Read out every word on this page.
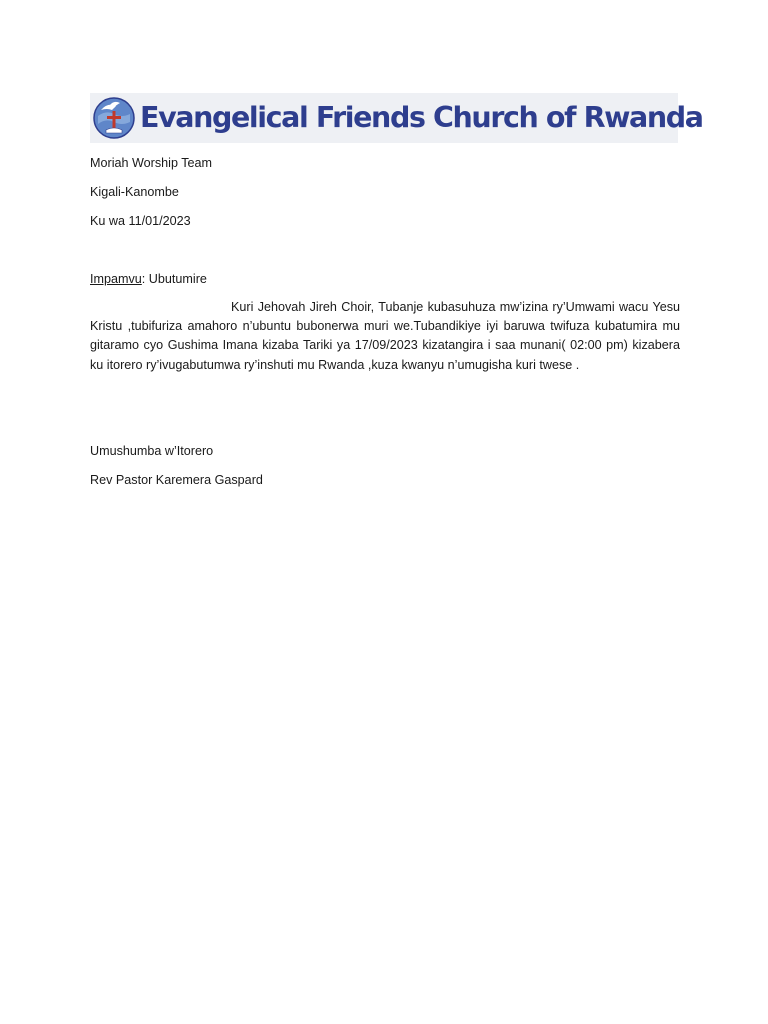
Evangelical Friends Church of Rwanda
Moriah Worship Team
Kigali-Kanombe
Ku wa 11/01/2023
Impamvu: Ubutumire
Kuri Jehovah Jireh Choir, Tubanje kubasuhuza mw’izina ry’Umwami wacu Yesu Kristu ,tubifuriza amahoro n’ubuntu bubonerwa muri we.Tubandikiye iyi baruwa twifuza kubatumira mu gitaramo cyo Gushima Imana kizaba Tariki ya 17/09/2023 kizatangira i saa munani( 02:00 pm) kizabera ku itorero ry’ivugabutumwa ry’inshuti mu Rwanda ,kuza kwanyu n’umugisha kuri twese .
Umushumba w’Itorero
Rev Pastor Karemera Gaspard
